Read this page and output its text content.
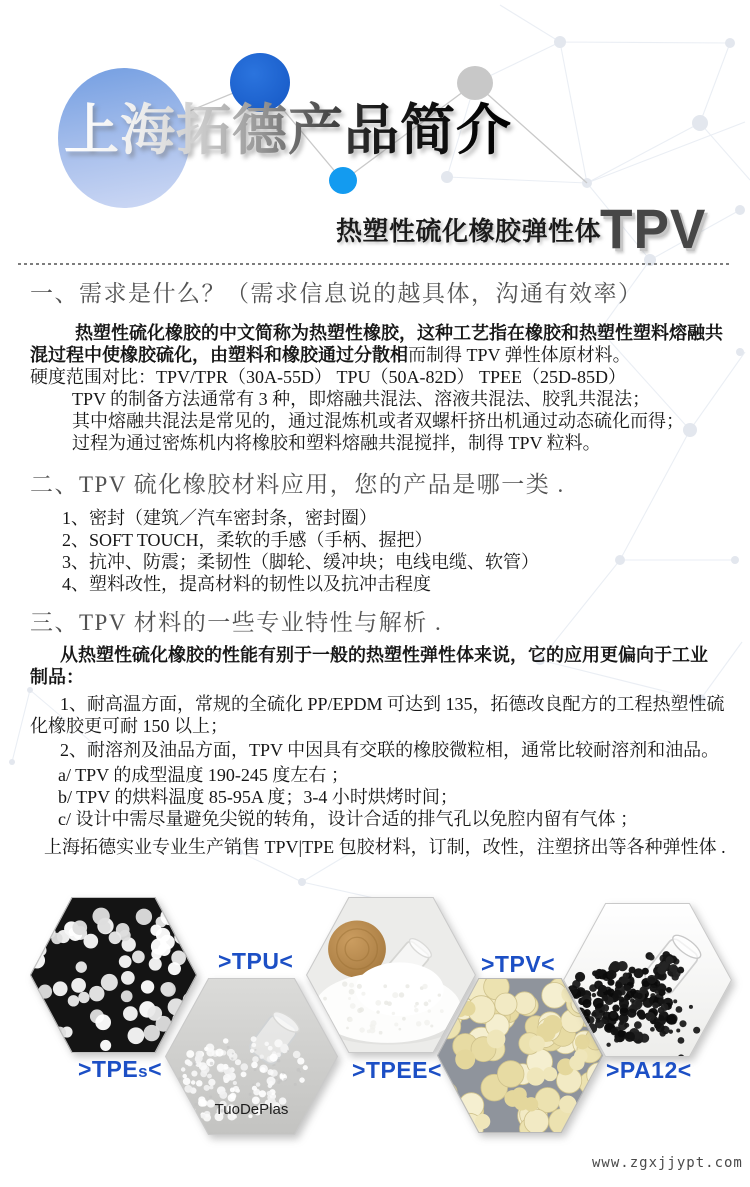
上海拓德产品简介
热塑性硫化橡胶弹性体
TPV
一、需求是什么？（需求信息说的越具体，沟通有效率）

热塑性硫化橡胶的中文简称为热塑性橡胶，这种工艺指在橡胶和热塑性塑料熔融共
混过程中使橡胶硫化，由塑料和橡胶通过分散相而制得 TPV 弹性体原材料。

硬度范围对比：TPV/TPR（30A-55D） TPU（50A-82D） TPEE（25D-85D）
TPV 的制备方法通常有 3 种，即熔融共混法、溶液共混法、胶乳共混法；
其中熔融共混法是常见的，通过混炼机或者双螺杆挤出机通过动态硫化而得；
过程为通过密炼机内将橡胶和塑料熔融共混搅拌，制得 TPV 粒料。
二、TPV 硫化橡胶材料应用，您的产品是哪一类 .
1、密封（建筑／汽车密封条，密封圈）
2、SOFT TOUCH，柔软的手感（手柄、握把）
3、抗冲、防震；柔韧性（脚轮、缓冲块；电线电缆、软管）
4、塑料改性，提高材料的韧性以及抗冲击程度
三、TPV 材料的一些专业特性与解析 .

从热塑性硫化橡胶的性能有别于一般的热塑性弹性体来说，它的应用更偏向于工业
制品：

1、耐高温方面，常规的全硫化 PP/EPDM 可达到 135，拓德改良配方的工程热塑性硫
化橡胶更可耐 150 以上；

2、耐溶剂及油品方面，TPV 中因具有交联的橡胶微粒相，通常比较耐溶剂和油品。
a/ TPV 的成型温度 190-245 度左右 ；
b/ TPV 的烘料温度 85-95A 度；3-4 小时烘烤时间；
c/ 设计中需尽量避免尖锐的转角，设计合适的排气孔以免腔内留有气体 ；
上海拓德实业专业生产销售 TPV|TPE 包胶材料，订制，改性，注塑挤出等各种弹性体 .
>TPU<	>TPV<
>TPEs<	>TPEE<	>PA12<
TuoDePlas
www.zgxjjypt.com
